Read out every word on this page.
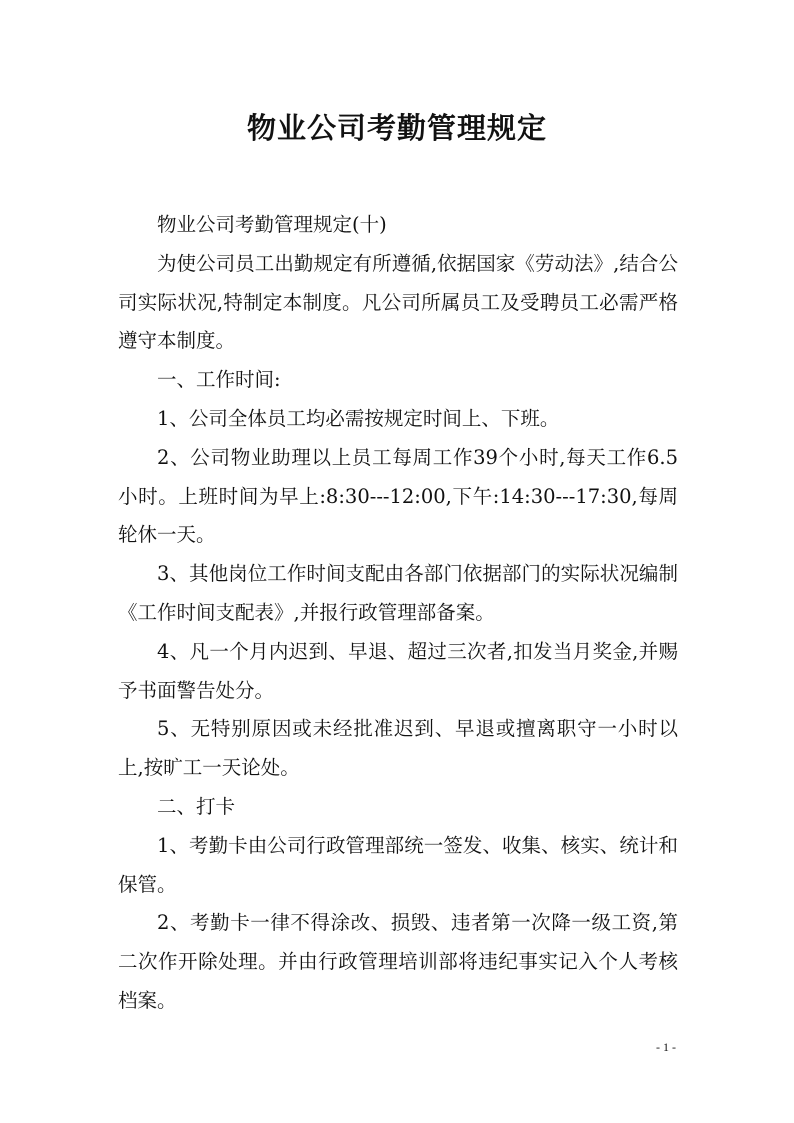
物业公司考勤管理规定

物业公司考勤管理规定(十)

为使公司员工出勤规定有所遵循,依据国家《劳动法》,结合公司实际状况,特制定本制度。凡公司所属员工及受聘员工必需严格遵守本制度。

一、工作时间:

1、公司全体员工均必需按规定时间上、下班。

2、公司物业助理以上员工每周工作39个小时,每天工作6.5小时。上班时间为早上:8:30---12:00,下午:14:30---17:30,每周轮休一天。

3、其他岗位工作时间支配由各部门依据部门的实际状况编制《工作时间支配表》,并报行政管理部备案。

4、凡一个月内迟到、早退、超过三次者,扣发当月奖金,并赐予书面警告处分。

5、无特别原因或未经批准迟到、早退或擅离职守一小时以上,按旷工一天论处。

二、打卡

1、考勤卡由公司行政管理部统一签发、收集、核实、统计和保管。

2、考勤卡一律不得涂改、损毁、违者第一次降一级工资,第二次作开除处理。并由行政管理培训部将违纪事实记入个人考核档案。

- 1 -
